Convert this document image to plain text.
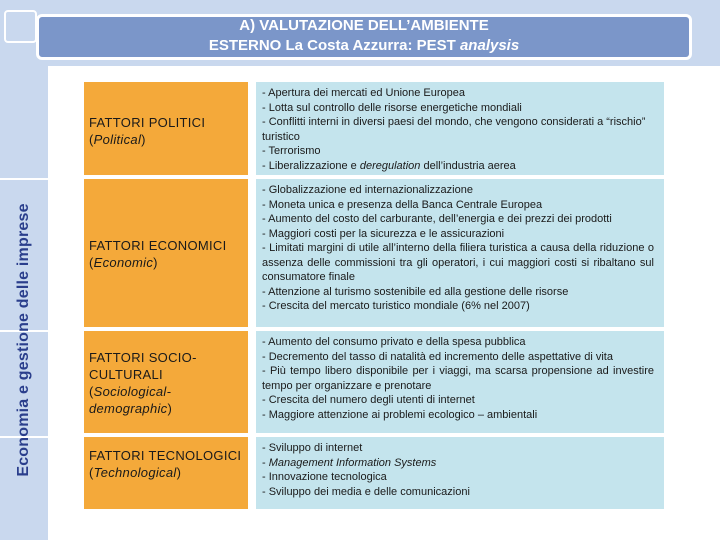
A) VALUTAZIONE DELL’AMBIENTE
ESTERNO La Costa Azzurra: PEST analysis
Economia e gestione delle imprese
FATTORI POLITICI
(Political)
- Apertura dei mercati ed Unione Europea
- Lotta sul controllo delle risorse energetiche mondiali
- Conflitti interni in diversi paesi del mondo, che vengono considerati a “rischio” turistico
- Terrorismo
- Liberalizzazione e deregulation dell’industria aerea
FATTORI ECONOMICI
(Economic)
- Globalizzazione ed internazionalizzazione
- Moneta unica e presenza della Banca Centrale Europea
- Aumento del costo del carburante, dell’energia e dei prezzi dei prodotti
- Maggiori costi per la sicurezza e le assicurazioni
- Limitati margini di utile all’interno della filiera turistica a causa della riduzione o assenza delle commissioni tra gli operatori, i cui maggiori costi si ribaltano sul consumatore finale
- Attenzione al turismo sostenibile ed alla gestione delle risorse
- Crescita del mercato turistico mondiale (6% nel 2007)
FATTORI SOCIO-CULTURALI
(Sociological-demographic)
- Aumento del consumo privato e della spesa pubblica
- Decremento del tasso di natalità ed incremento delle aspettative di vita
- Più tempo libero disponibile per i viaggi, ma scarsa propensione ad investire tempo per organizzare e prenotare
- Crescita del numero degli utenti di internet
- Maggiore attenzione ai problemi ecologico – ambientali
FATTORI TECNOLOGICI
(Technological)
- Sviluppo di internet
- Management Information Systems
- Innovazione tecnologica
- Sviluppo dei media e delle comunicazioni
